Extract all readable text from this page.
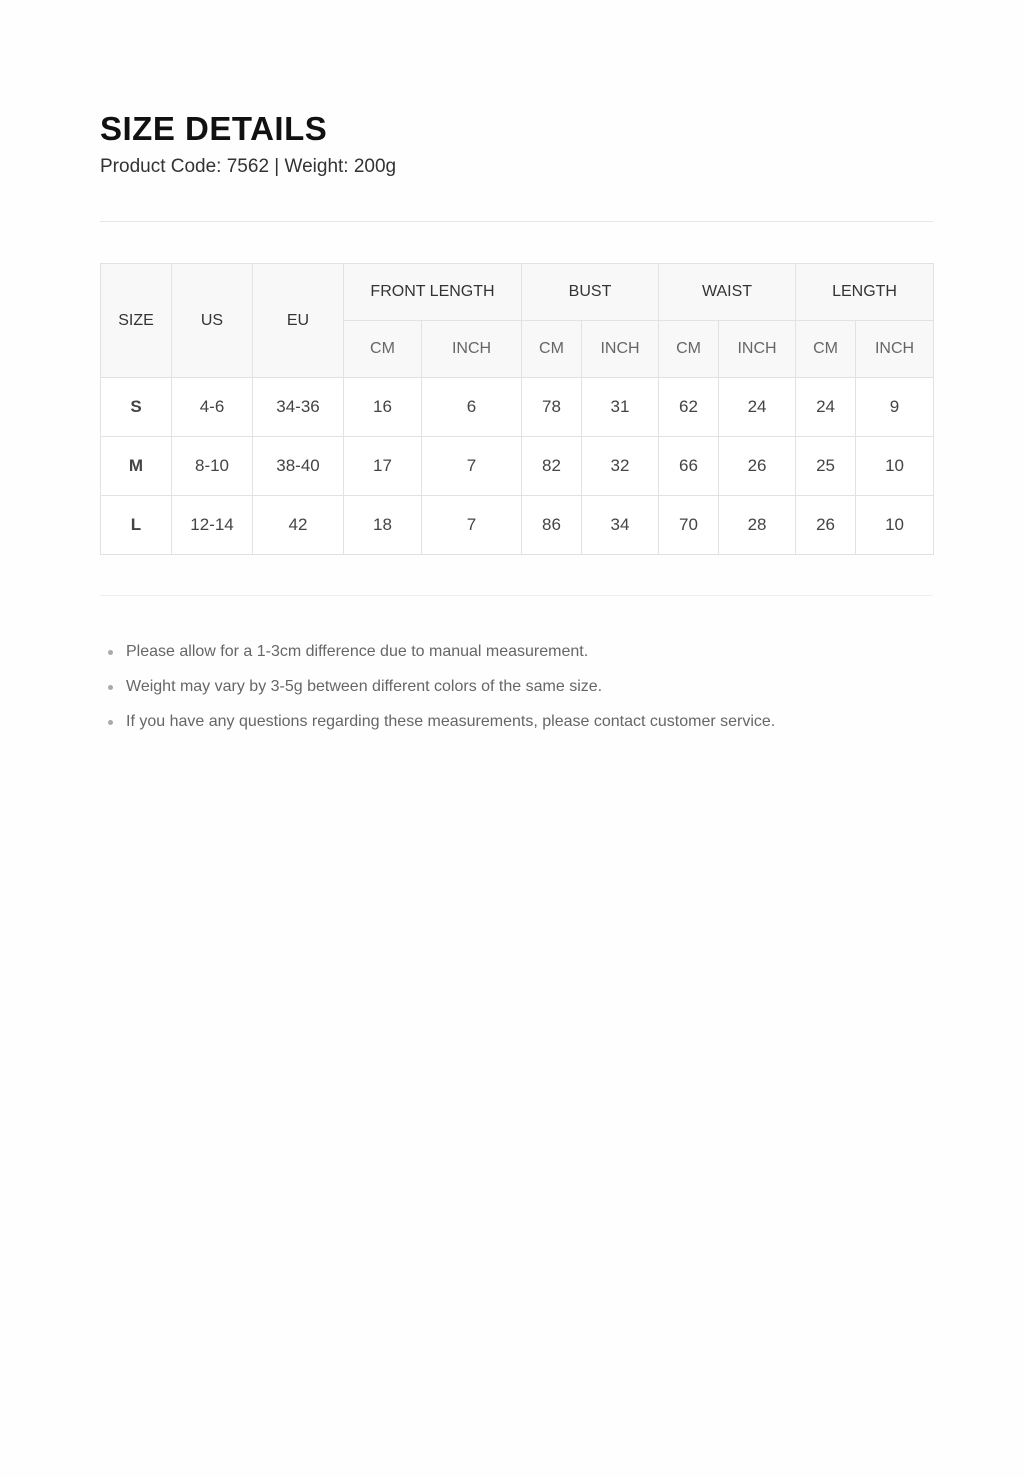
SIZE DETAILS
Product Code: 7562 | Weight: 200g
SIZE	US	EU	FRONT LENGTH		BUST		WAIST		LENGTH	
			CM	INCH	CM	INCH	CM	INCH	CM	INCH
S	4-6	34-36	16	6	78	31	62	24	24	9
M	8-10	38-40	17	7	82	32	66	26	25	10
L	12-14	42	18	7	86	34	70	28	26	10
Please allow for a 1-3cm difference due to manual measurement.
Weight may vary by 3-5g between different colors of the same size.
If you have any questions regarding these measurements, please contact customer service.
